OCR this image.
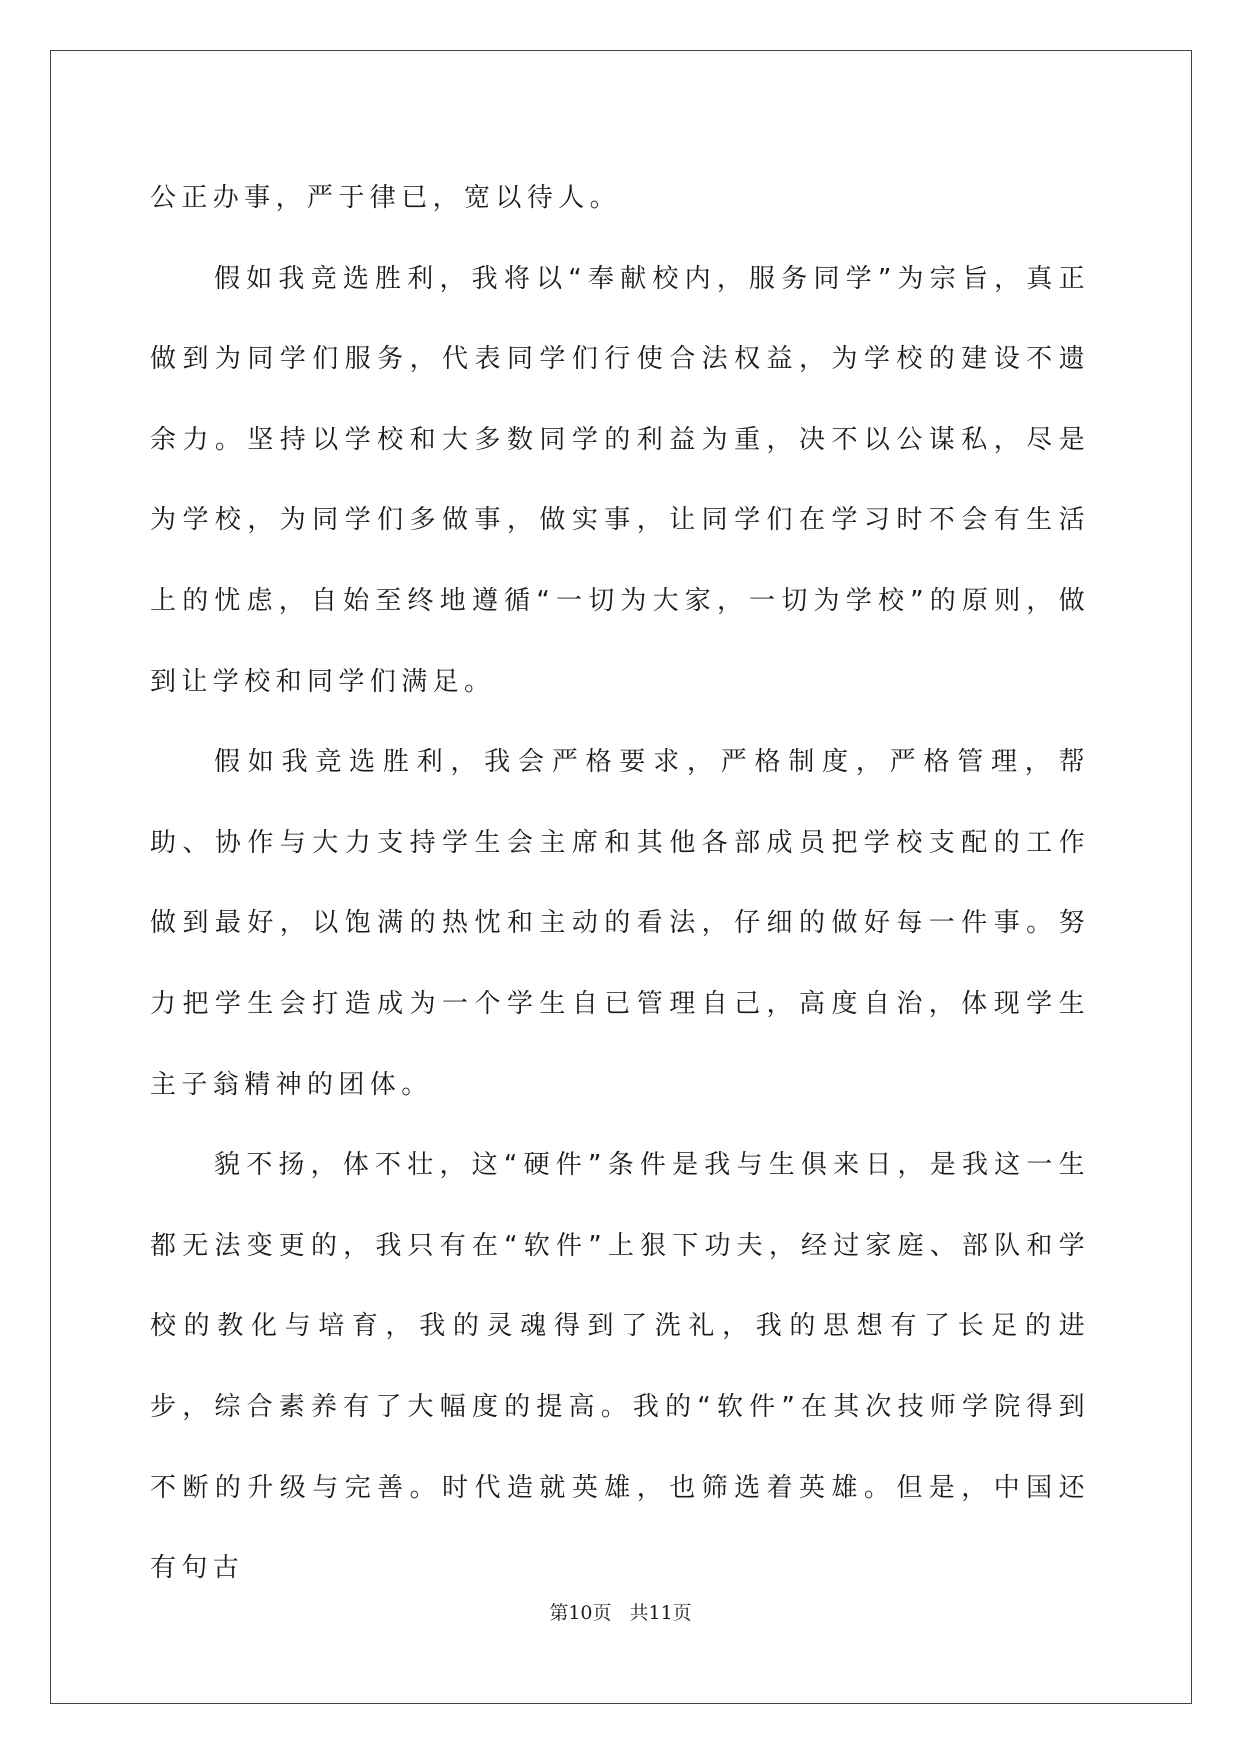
公正办事，严于律已，宽以待人。

假如我竞选胜利，我将以“奉献校内，服务同学”为宗旨，真正做到为同学们服务，代表同学们行使合法权益，为学校的建设不遗余力。坚持以学校和大多数同学的利益为重，决不以公谋私，尽是为学校，为同学们多做事，做实事，让同学们在学习时不会有生活上的忧虑，自始至终地遵循“一切为大家，一切为学校”的原则，做到让学校和同学们满足。

假如我竞选胜利，我会严格要求，严格制度，严格管理，帮助、协作与大力支持学生会主席和其他各部成员把学校支配的工作做到最好，以饱满的热忱和主动的看法，仔细的做好每一件事。努力把学生会打造成为一个学生自已管理自己，高度自治，体现学生主子翁精神的团体。

貌不扬，体不壮，这“硬件”条件是我与生俱来日，是我这一生都无法变更的，我只有在“软件”上狠下功夫，经过家庭、部队和学校的教化与培育，我的灵魂得到了洗礼，我的思想有了长足的进步，综合素养有了大幅度的提高。我的“软件”在其次技师学院得到不断的升级与完善。时代造就英雄，也筛选着英雄。但是，中国还有句古

第10页 共11页
